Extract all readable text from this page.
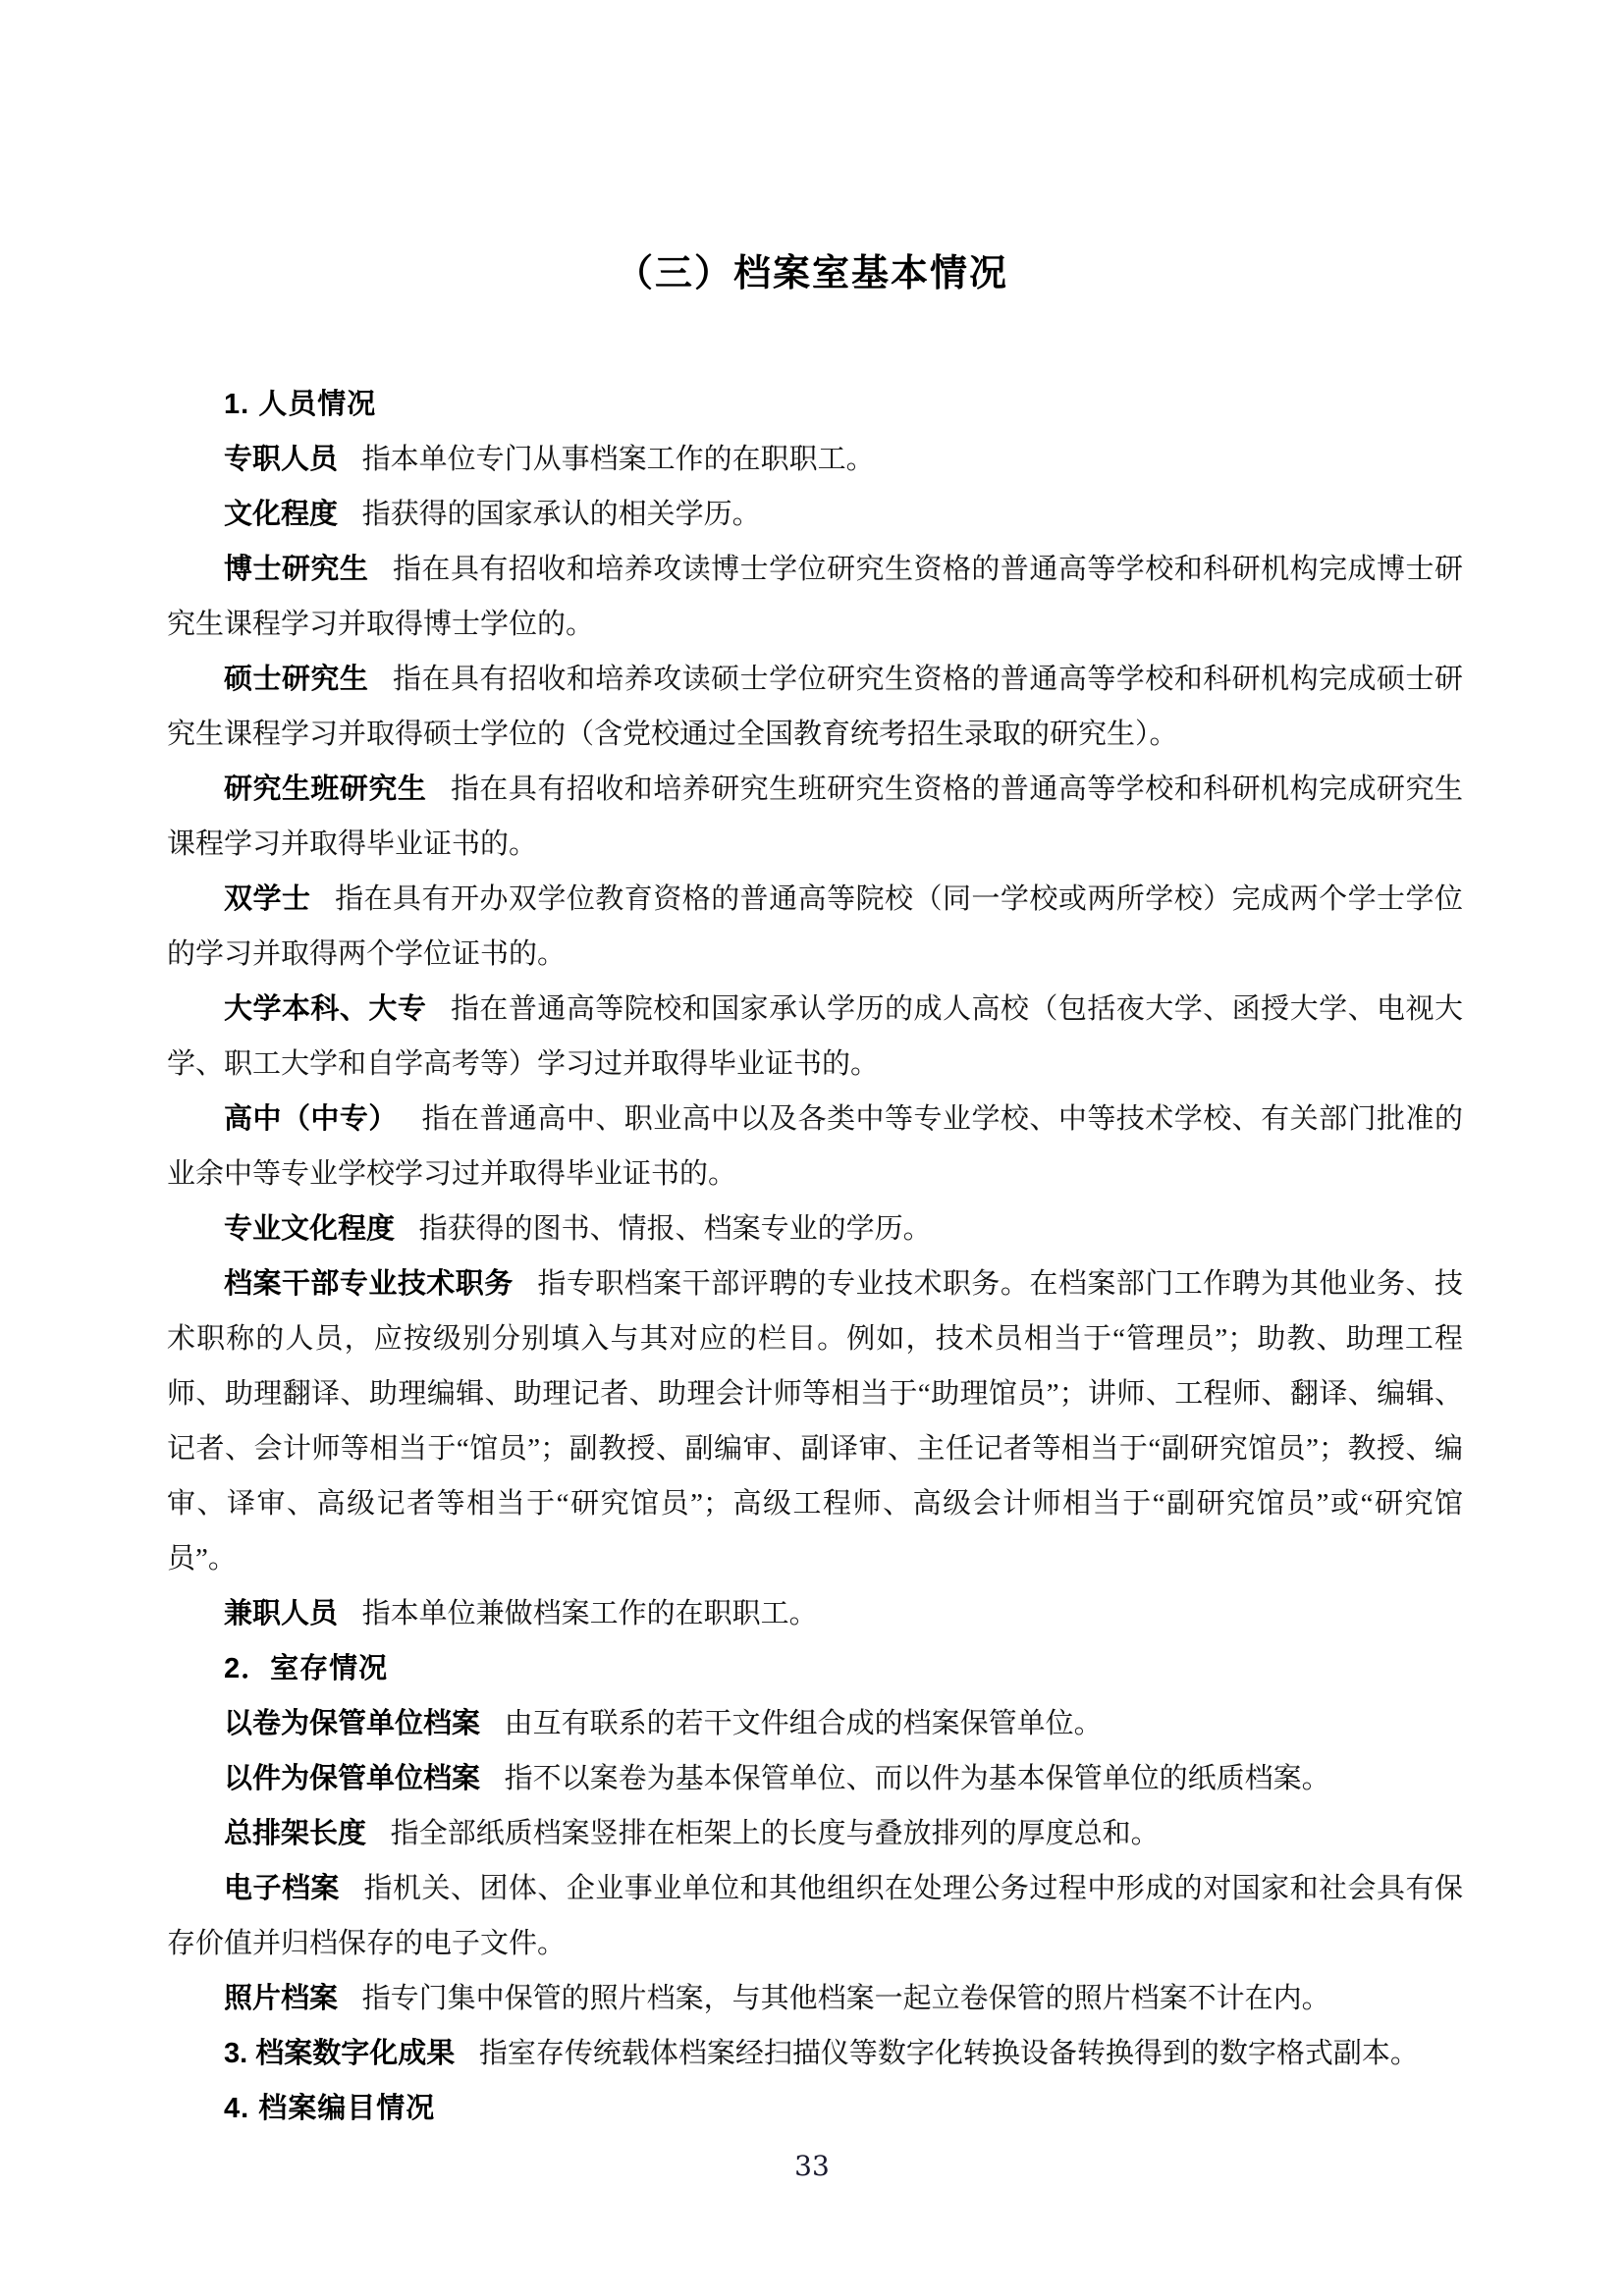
（三）档案室基本情况

1. 人员情况

专职人员 指本单位专门从事档案工作的在职职工。

文化程度 指获得的国家承认的相关学历。

博士研究生 指在具有招收和培养攻读博士学位研究生资格的普通高等学校和科研机构完成博士研究生课程学习并取得博士学位的。

硕士研究生 指在具有招收和培养攻读硕士学位研究生资格的普通高等学校和科研机构完成硕士研究生课程学习并取得硕士学位的（含党校通过全国教育统考招生录取的研究生）。

研究生班研究生 指在具有招收和培养研究生班研究生资格的普通高等学校和科研机构完成研究生课程学习并取得毕业证书的。

双学士 指在具有开办双学位教育资格的普通高等院校（同一学校或两所学校）完成两个学士学位的学习并取得两个学位证书的。

大学本科、大专 指在普通高等院校和国家承认学历的成人高校（包括夜大学、函授大学、电视大学、职工大学和自学高考等）学习过并取得毕业证书的。

高中（中专） 指在普通高中、职业高中以及各类中等专业学校、中等技术学校、有关部门批准的业余中等专业学校学习过并取得毕业证书的。

专业文化程度 指获得的图书、情报、档案专业的学历。

档案干部专业技术职务 指专职档案干部评聘的专业技术职务。在档案部门工作聘为其他业务、技术职称的人员，应按级别分别填入与其对应的栏目。例如，技术员相当于“管理员”；助教、助理工程师、助理翻译、助理编辑、助理记者、助理会计师等相当于“助理馆员”；讲师、工程师、翻译、编辑、记者、会计师等相当于“馆员”；副教授、副编审、副译审、主任记者等相当于“副研究馆员”；教授、编审、译审、高级记者等相当于“研究馆员”；高级工程师、高级会计师相当于“副研究馆员”或“研究馆员”。

兼职人员 指本单位兼做档案工作的在职职工。

2．室存情况

以卷为保管单位档案 由互有联系的若干文件组合成的档案保管单位。

以件为保管单位档案 指不以案卷为基本保管单位、而以件为基本保管单位的纸质档案。

总排架长度 指全部纸质档案竖排在柜架上的长度与叠放排列的厚度总和。

电子档案 指机关、团体、企业事业单位和其他组织在处理公务过程中形成的对国家和社会具有保存价值并归档保存的电子文件。

照片档案 指专门集中保管的照片档案，与其他档案一起立卷保管的照片档案不计在内。

3. 档案数字化成果 指室存传统载体档案经扫描仪等数字化转换设备转换得到的数字格式副本。

4. 档案编目情况

33
